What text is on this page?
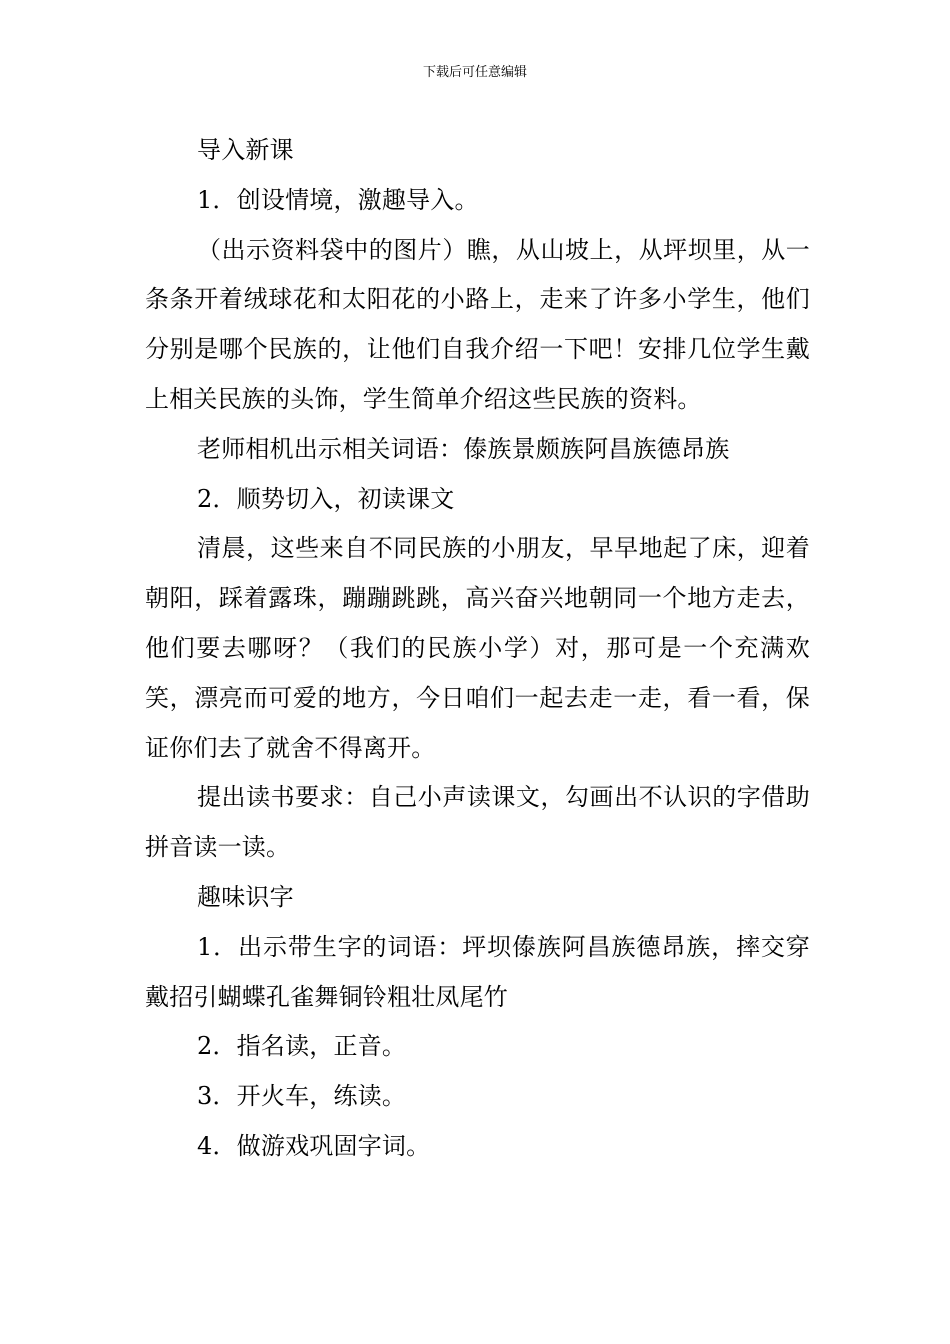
下载后可任意编辑

导入新课

1．创设情境，激趣导入。

（出示资料袋中的图片）瞧，从山坡上，从坪坝里，从一条条开着绒球花和太阳花的小路上，走来了许多小学生，他们分别是哪个民族的，让他们自我介绍一下吧！安排几位学生戴上相关民族的头饰，学生简单介绍这些民族的资料。

老师相机出示相关词语：傣族景颇族阿昌族德昂族

2．顺势切入，初读课文

清晨，这些来自不同民族的小朋友，早早地起了床，迎着朝阳，踩着露珠，蹦蹦跳跳，高兴奋兴地朝同一个地方走去，他们要去哪呀？（我们的民族小学）对，那可是一个充满欢笑，漂亮而可爱的地方，今日咱们一起去走一走，看一看，保证你们去了就舍不得离开。

提出读书要求：自己小声读课文，勾画出不认识的字借助拼音读一读。

趣味识字

1．出示带生字的词语：坪坝傣族阿昌族德昂族，摔交穿戴招引蝴蝶孔雀舞铜铃粗壮凤尾竹

2．指名读，正音。

3．开火车，练读。

4．做游戏巩固字词。
